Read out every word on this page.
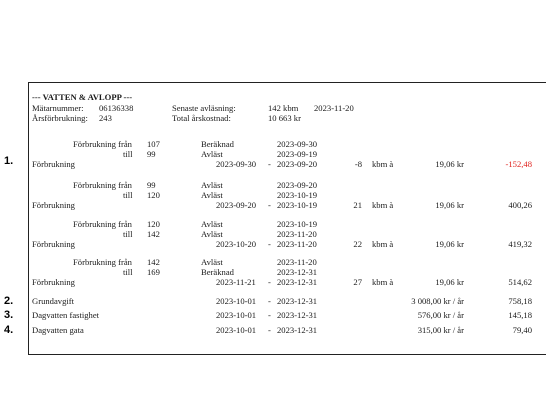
--- VATTEN & AVLOPP ---
Mätarnummer: 06136338
Årsförbrukning: 243
Senaste avläsning:	142 kbm 2023-11-20
Total årskostnad:	10 663 kr
1.
Förbrukning från 107	Beräknad	2023-09-30
till 99	Avläst	2023-09-19
Förbrukning	2023-09-30 - 2023-09-20	-8 kbm à	19,06 kr	-152,48
Förbrukning från 99	Avläst	2023-09-20
till 120	Avläst	2023-10-19
Förbrukning	2023-09-20 - 2023-10-19	21 kbm à	19,06 kr	400,26
Förbrukning från 120	Avläst	2023-10-19
till 142	Avläst	2023-11-20
Förbrukning	2023-10-20 - 2023-11-20	22 kbm à	19,06 kr	419,32
Förbrukning från 142	Avläst	2023-11-20
till 169	Beräknad	2023-12-31
Förbrukning	2023-11-21 - 2023-12-31	27 kbm à	19,06 kr	514,62
2. Grundavgift	2023-10-01 - 2023-12-31	3 008,00 kr / år	758,18
3. Dagvatten fastighet	2023-10-01 - 2023-12-31	576,00 kr / år	145,18
4. Dagvatten gata	2023-10-01 - 2023-12-31	315,00 kr / år	79,40
